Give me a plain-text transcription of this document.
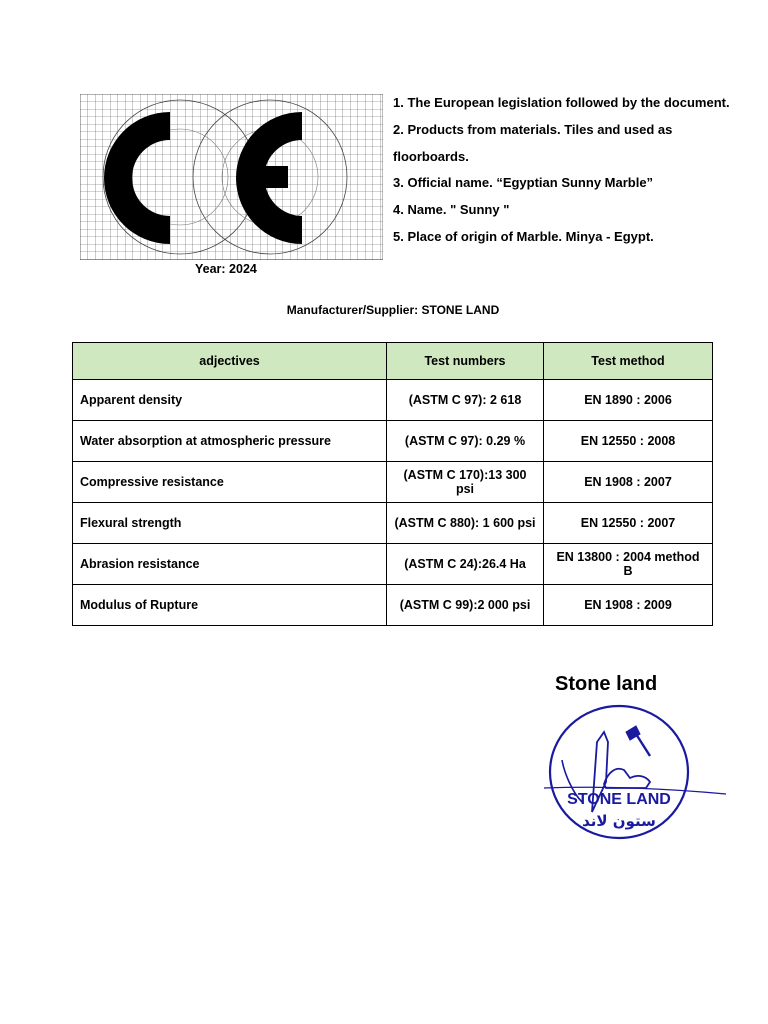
Year: 2024
1. The European legislation followed by the document.
2. Products from materials. Tiles and used as floorboards.
3. Official name. “Egyptian Sunny Marble”
4. Name. " Sunny "
5. Place of origin of Marble. Minya - Egypt.
Manufacturer/Supplier: STONE LAND
adjectives	Test numbers	Test method
Apparent density	(ASTM C 97): 2 618	EN 1890 : 2006
Water absorption at atmospheric pressure	(ASTM C 97): 0.29 %	EN 12550 : 2008
Compressive resistance	(ASTM C 170):13 300 psi	EN 1908 : 2007
Flexural strength	(ASTM C 880): 1 600 psi	EN 12550 : 2007
Abrasion resistance	(ASTM C 24):26.4 Ha	EN 13800 : 2004 method B
Modulus of Rupture	(ASTM C 99):2 000 psi	EN 1908 : 2009
Stone land
STONE LAND
ستون لاند
